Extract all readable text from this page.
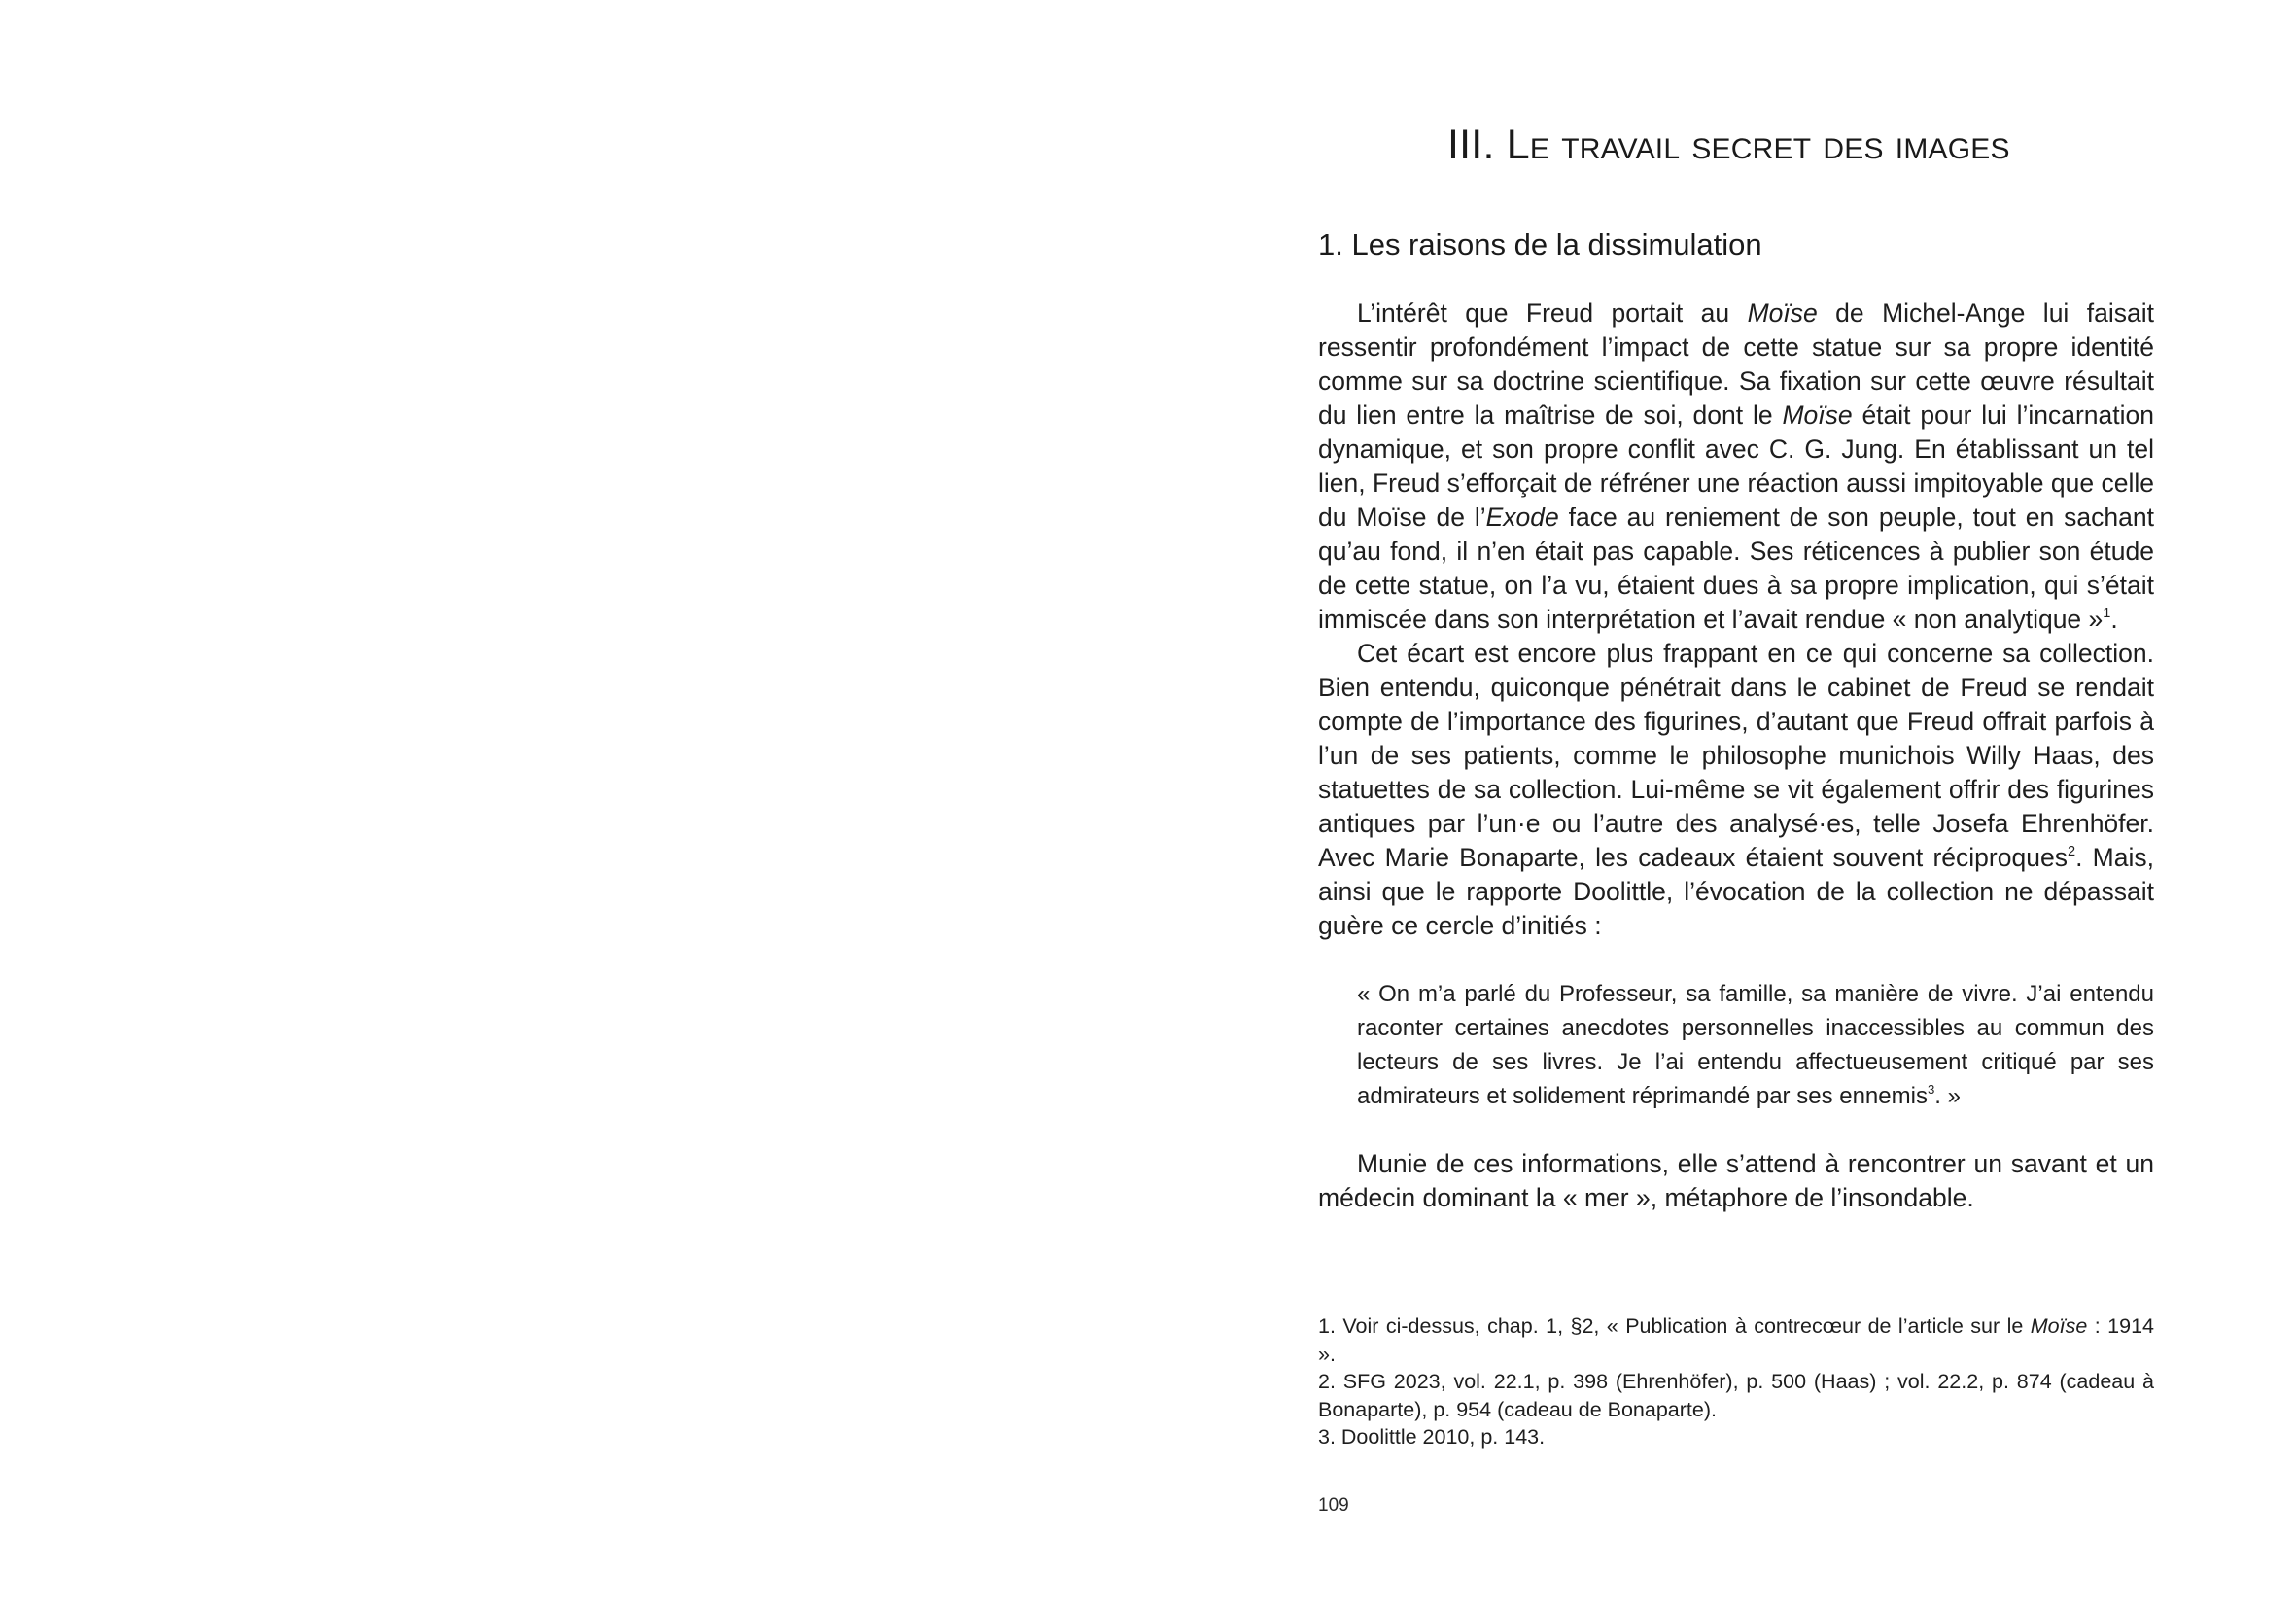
III. Le travail secret des images
1. Les raisons de la dissimulation

L’intérêt que Freud portait au Moïse de Michel-Ange lui faisait ressentir profondément l’impact de cette statue sur sa propre identité comme sur sa doctrine scientifique. Sa fixation sur cette œuvre résultait du lien entre la maîtrise de soi, dont le Moïse était pour lui l’incarnation dynamique, et son propre conflit avec C. G. Jung. En établissant un tel lien, Freud s’efforçait de réfréner une réaction aussi impitoyable que celle du Moïse de l’Exode face au reniement de son peuple, tout en sachant qu’au fond, il n’en était pas capable. Ses réticences à publier son étude de cette statue, on l’a vu, étaient dues à sa propre implication, qui s’était immiscée dans son interprétation et l’avait rendue « non analytique »$^1$.

Cet écart est encore plus frappant en ce qui concerne sa collection. Bien entendu, quiconque pénétrait dans le cabinet de Freud se rendait compte de l’importance des figurines, d’autant que Freud offrait parfois à l’un de ses patients, comme le philosophe munichois Willy Haas, des statuettes de sa collection. Lui-même se vit également offrir des figurines antiques par l’un·e ou l’autre des analysé·es, telle Josefa Ehrenhöfer. Avec Marie Bonaparte, les cadeaux étaient souvent réciproques$^2$. Mais, ainsi que le rapporte Doolittle, l’évocation de la collection ne dépassait guère ce cercle d’initiés :

« On m’a parlé du Professeur, sa famille, sa manière de vivre. J’ai entendu raconter certaines anecdotes personnelles inaccessibles au commun des lecteurs de ses livres. Je l’ai entendu affectueusement critiqué par ses admirateurs et solidement réprimandé par ses ennemis$^3$. »

Munie de ces informations, elle s’attend à rencontrer un savant et un médecin dominant la « mer », métaphore de l’insondable.

1. Voir ci-dessus, chap. 1, §2, « Publication à contrecœur de l’article sur le Moïse : 1914 ».

2. SFG 2023, vol. 22.1, p. 398 (Ehrenhöfer), p. 500 (Haas) ; vol. 22.2, p. 874 (cadeau à Bonaparte), p. 954 (cadeau de Bonaparte).

3. Doolittle 2010, p. 143.

109
